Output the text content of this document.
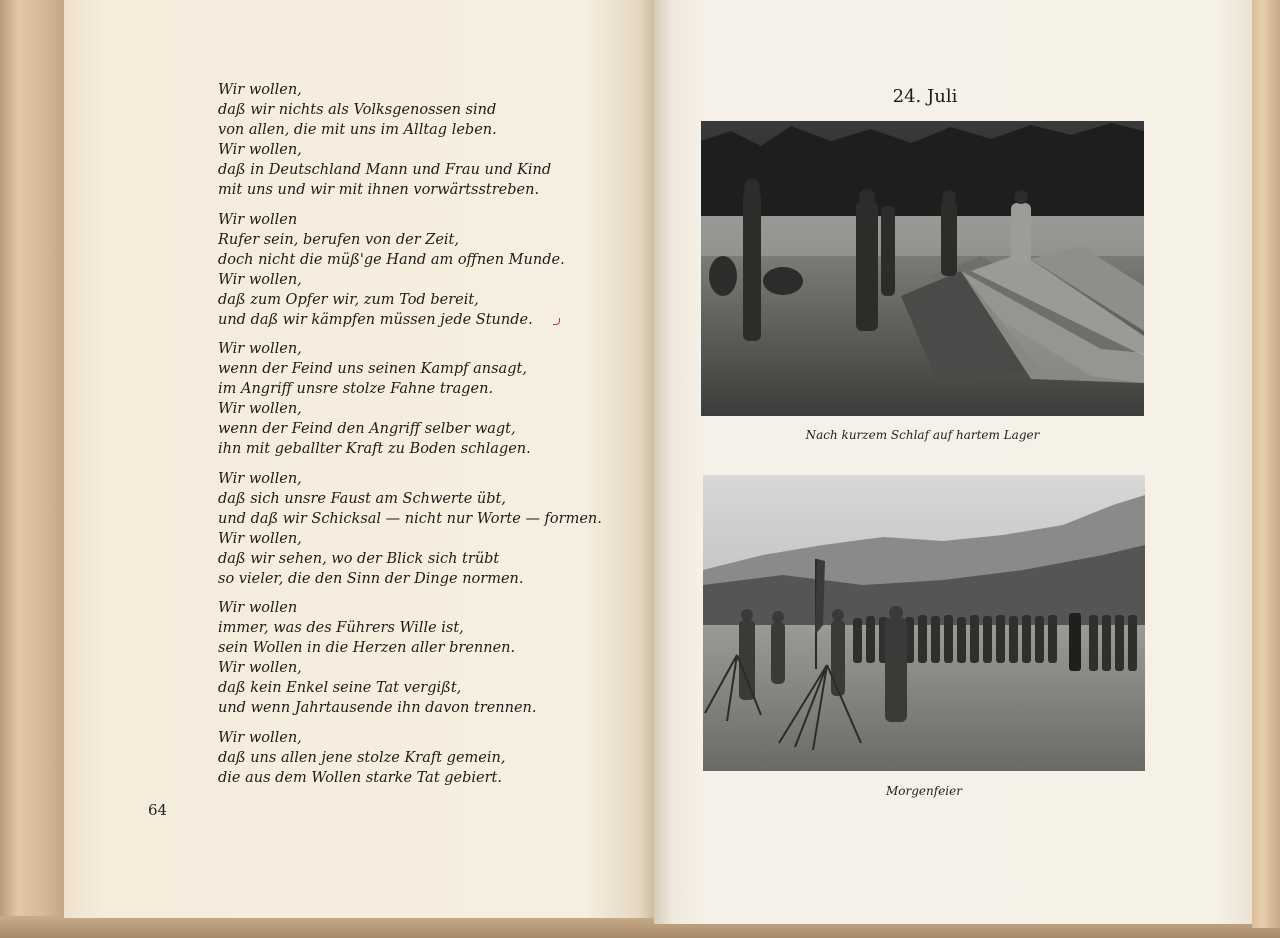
Wir wollen,
daß wir nichts als Volksgenossen sind
von allen, die mit uns im Alltag leben.
Wir wollen,
daß in Deutschland Mann und Frau und Kind
mit uns und wir mit ihnen vorwärtsstreben.
Wir wollen
Rufer sein, berufen von der Zeit,
doch nicht die müß'ge Hand am offnen Munde.
Wir wollen,
daß zum Opfer wir, zum Tod bereit,
und daß wir kämpfen müssen jede Stunde.
Wir wollen,
wenn der Feind uns seinen Kampf ansagt,
im Angriff unsre stolze Fahne tragen.
Wir wollen,
wenn der Feind den Angriff selber wagt,
ihn mit geballter Kraft zu Boden schlagen.
Wir wollen,
daß sich unsre Faust am Schwerte übt,
und daß wir Schicksal — nicht nur Worte — formen.
Wir wollen,
daß wir sehen, wo der Blick sich trübt
so vieler, die den Sinn der Dinge normen.
Wir wollen
immer, was des Führers Wille ist,
sein Wollen in die Herzen aller brennen.
Wir wollen,
daß kein Enkel seine Tat vergißt,
und wenn Jahrtausende ihn davon trennen.
Wir wollen,
daß uns allen jene stolze Kraft gemein,
die aus dem Wollen starke Tat gebiert.
64
24. Juli
Nach kurzem Schlaf auf hartem Lager
Morgenfeier
